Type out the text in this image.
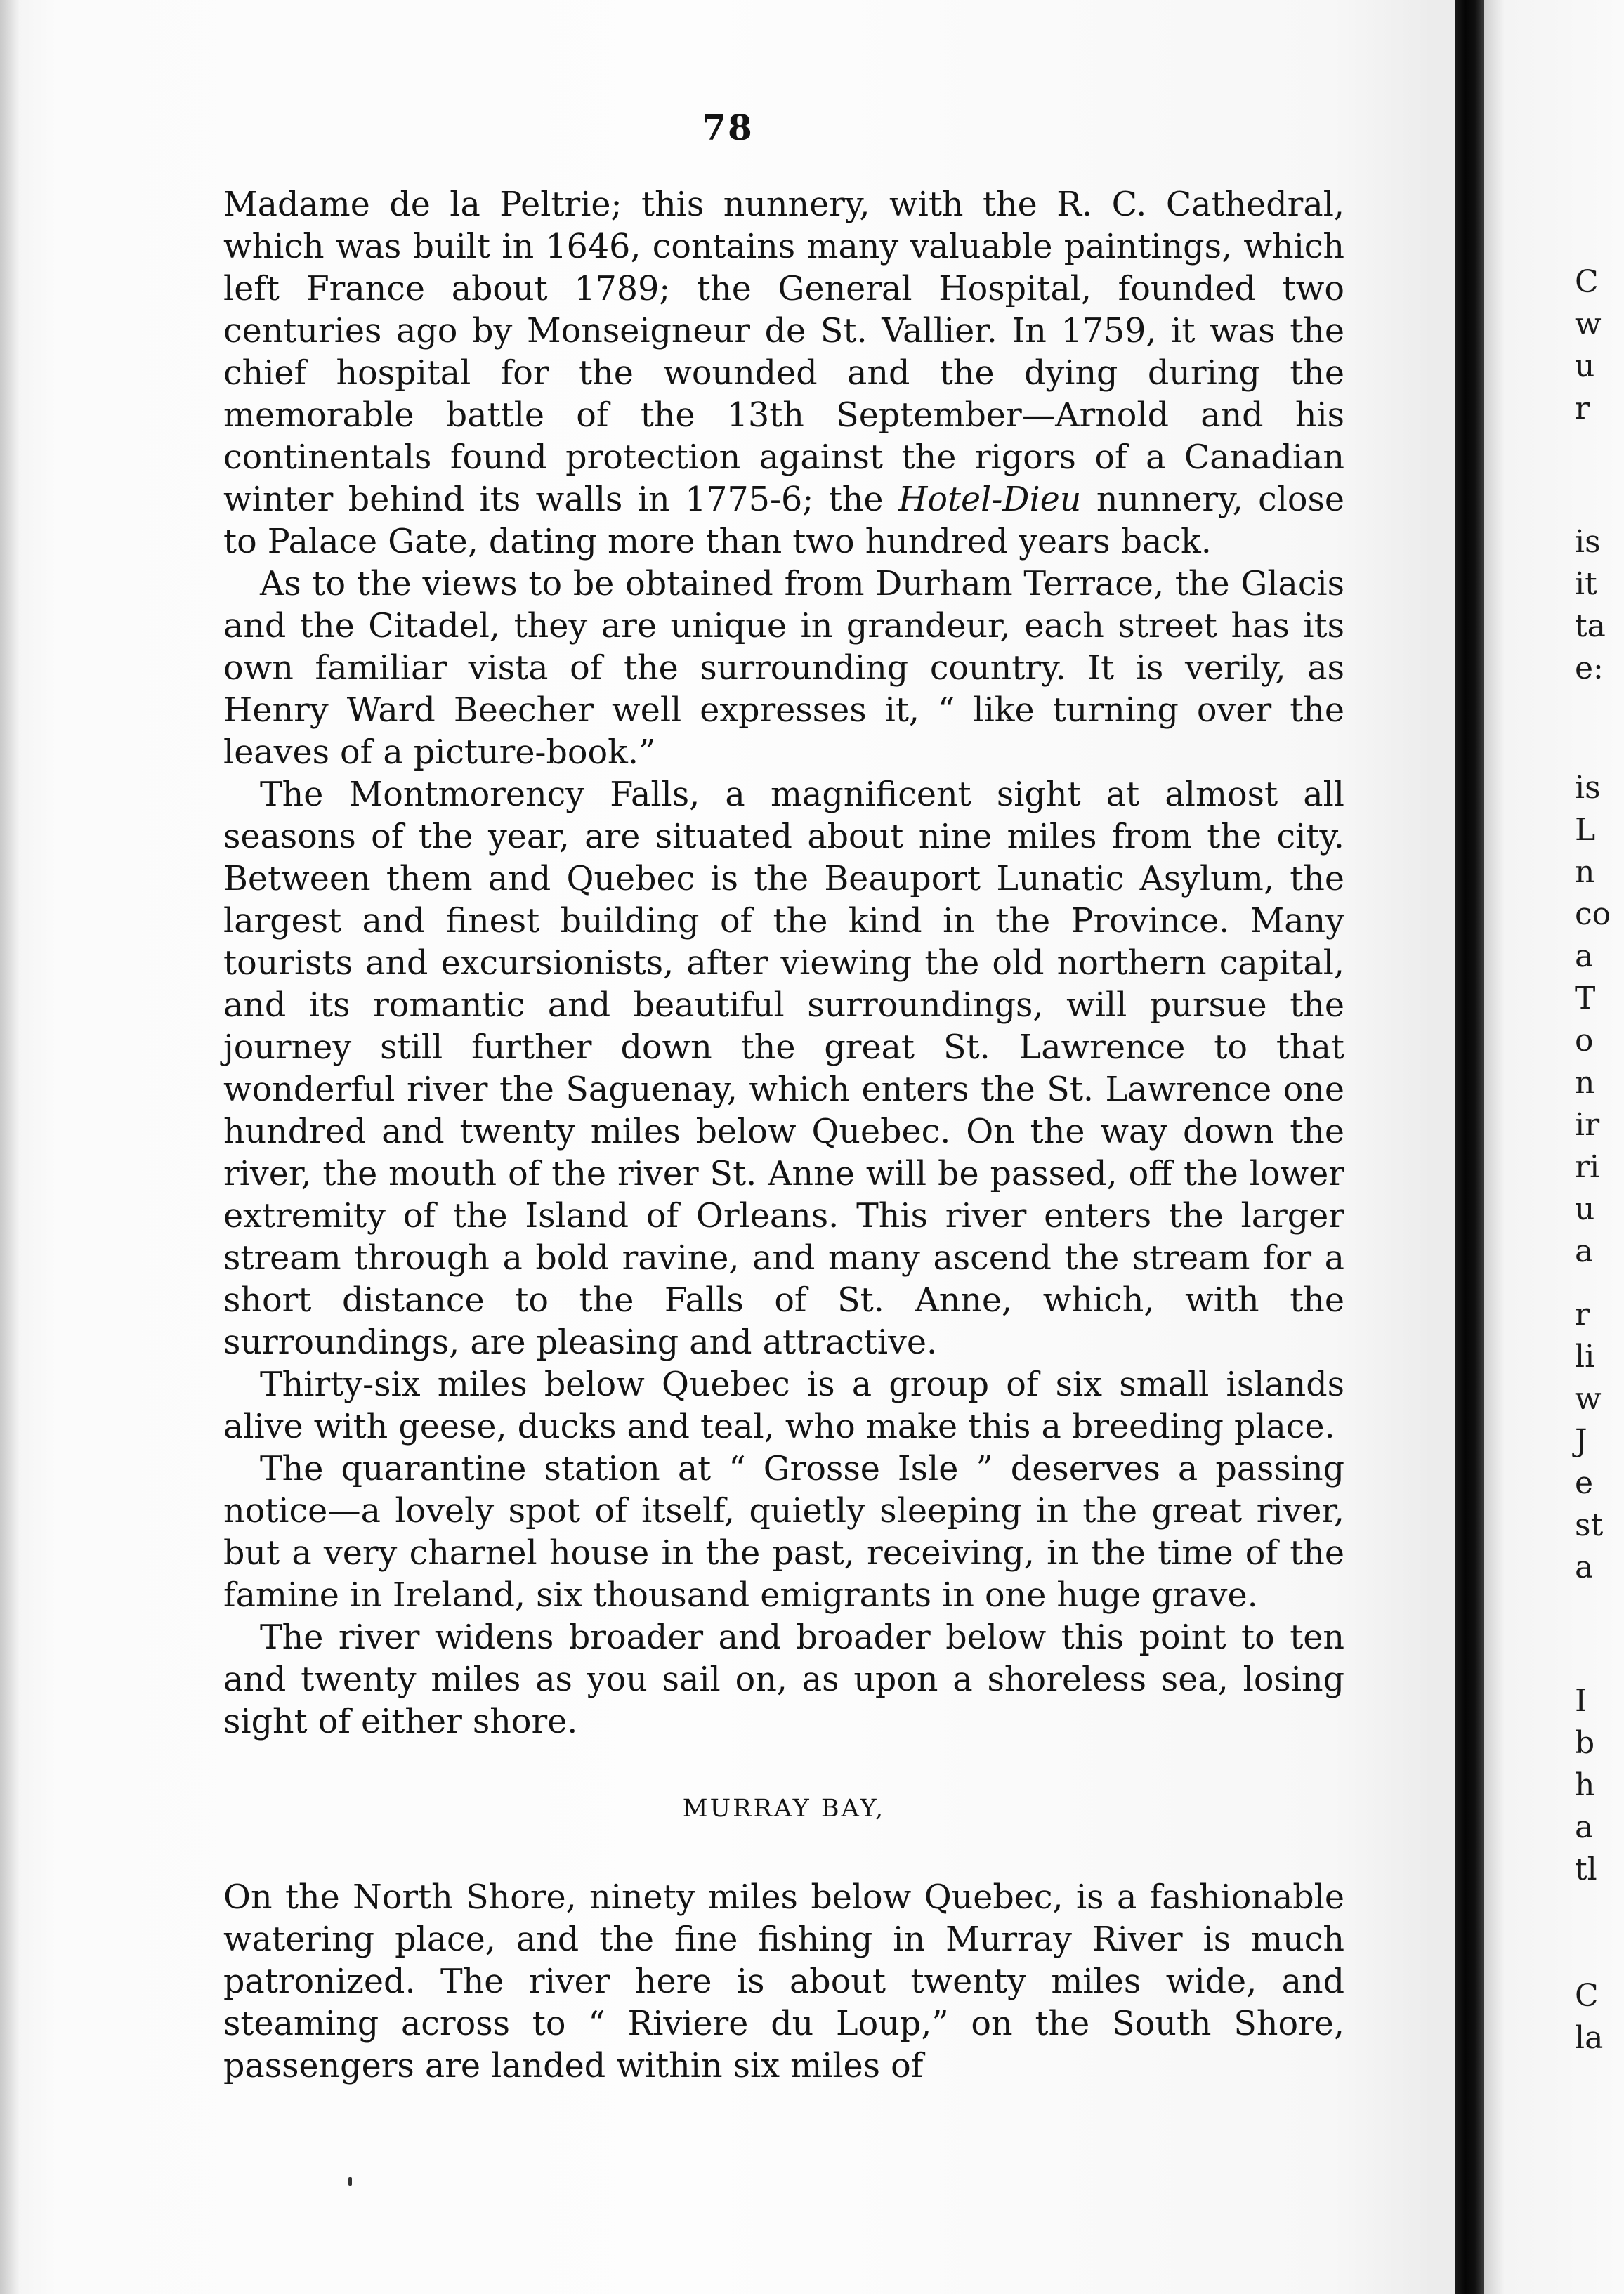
78

Madame de la Peltrie; this nunnery, with the R. C. Cathedral, which was built in 1646, contains many valuable paintings, which left France about 1789; the General Hospital, founded two centuries ago by Monseigneur de St. Vallier. In 1759, it was the chief hospital for the wounded and the dying during the memorable battle of the 13th September—Arnold and his continentals found protection against the rigors of a Canadian winter behind its walls in 1775-6; the Hotel-Dieu nunnery, close to Palace Gate, dating more than two hundred years back.

As to the views to be obtained from Durham Terrace, the Glacis and the Citadel, they are unique in grandeur, each street has its own familiar vista of the surrounding country. It is verily, as Henry Ward Beecher well expresses it, “ like turning over the leaves of a picture-book.”

The Montmorency Falls, a magnificent sight at almost all seasons of the year, are situated about nine miles from the city. Between them and Quebec is the Beauport Lunatic Asylum, the largest and finest building of the kind in the Province. Many tourists and excursionists, after viewing the old northern capital, and its romantic and beautiful surroundings, will pursue the journey still further down the great St. Lawrence to that wonderful river the Saguenay, which enters the St. Lawrence one hundred and twenty miles below Quebec. On the way down the river, the mouth of the river St. Anne will be passed, off the lower extremity of the Island of Orleans. This river enters the larger stream through a bold ravine, and many ascend the stream for a short distance to the Falls of St. Anne, which, with the surroundings, are pleasing and attractive.

Thirty-six miles below Quebec is a group of six small islands alive with geese, ducks and teal, who make this a breeding place.

The quarantine station at “ Grosse Isle ” deserves a passing notice—a lovely spot of itself, quietly sleeping in the great river, but a very charnel house in the past, receiving, in the time of the famine in Ireland, six thousand emigrants in one huge grave.

The river widens broader and broader below this point to ten and twenty miles as you sail on, as upon a shoreless sea, losing sight of either shore.

MURRAY BAY,

On the North Shore, ninety miles below Quebec, is a fashionable watering place, and the fine fishing in Murray River is much patronized. The river here is about twenty miles wide, and steaming across to “ Riviere du Loup,” on the South Shore, passengers are landed within six miles of

C
w
u
r
is
it
ta
e:
is
L
n
co
a
T
o
n
ir
ri
u
a
r
li
w
J
e
st
a
I
b
h
a
tl
C
la
